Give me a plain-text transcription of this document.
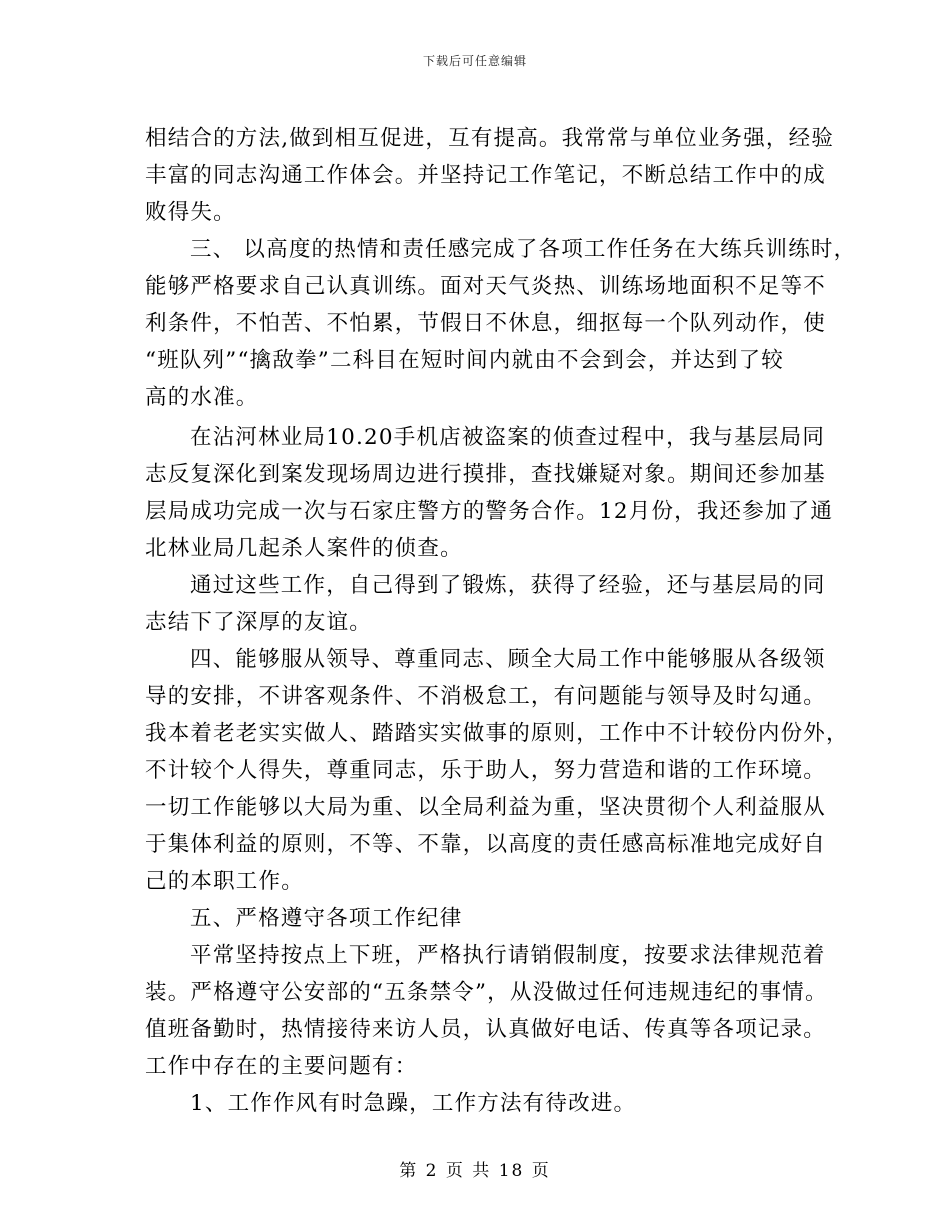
下载后可任意编辑
相结合的方法,做到相互促进，互有提高。我常常与单位业务强，经验
丰富的同志沟通工作体会。并坚持记工作笔记，不断总结工作中的成
败得失。
三、 以高度的热情和责任感完成了各项工作任务在大练兵训练时，
能够严格要求自己认真训练。面对天气炎热、训练场地面积不足等不
利条件，不怕苦、不怕累，节假日不休息，细抠每一个队列动作，使
“班队列”“擒敌拳”二科目在短时间内就由不会到会，并达到了较
高的水准。
在沾河林业局10.20手机店被盗案的侦查过程中，我与基层局同
志反复深化到案发现场周边进行摸排，查找嫌疑对象。期间还参加基
层局成功完成一次与石家庄警方的警务合作。12月份，我还参加了通
北林业局几起杀人案件的侦查。
通过这些工作，自己得到了锻炼，获得了经验，还与基层局的同
志结下了深厚的友谊。
四、能够服从领导、尊重同志、顾全大局工作中能够服从各级领
导的安排，不讲客观条件、不消极怠工，有问题能与领导及时勾通。
我本着老老实实做人、踏踏实实做事的原则，工作中不计较份内份外，
不计较个人得失，尊重同志，乐于助人，努力营造和谐的工作环境。
一切工作能够以大局为重、以全局利益为重，坚决贯彻个人利益服从
于集体利益的原则，不等、不靠，以高度的责任感高标准地完成好自
己的本职工作。
五、严格遵守各项工作纪律
平常坚持按点上下班，严格执行请销假制度，按要求法律规范着
装。严格遵守公安部的“五条禁令”，从没做过任何违规违纪的事情。
值班备勤时，热情接待来访人员，认真做好电话、传真等各项记录。
工作中存在的主要问题有：
1、工作作风有时急躁，工作方法有待改进。
第 2 页 共 18 页
